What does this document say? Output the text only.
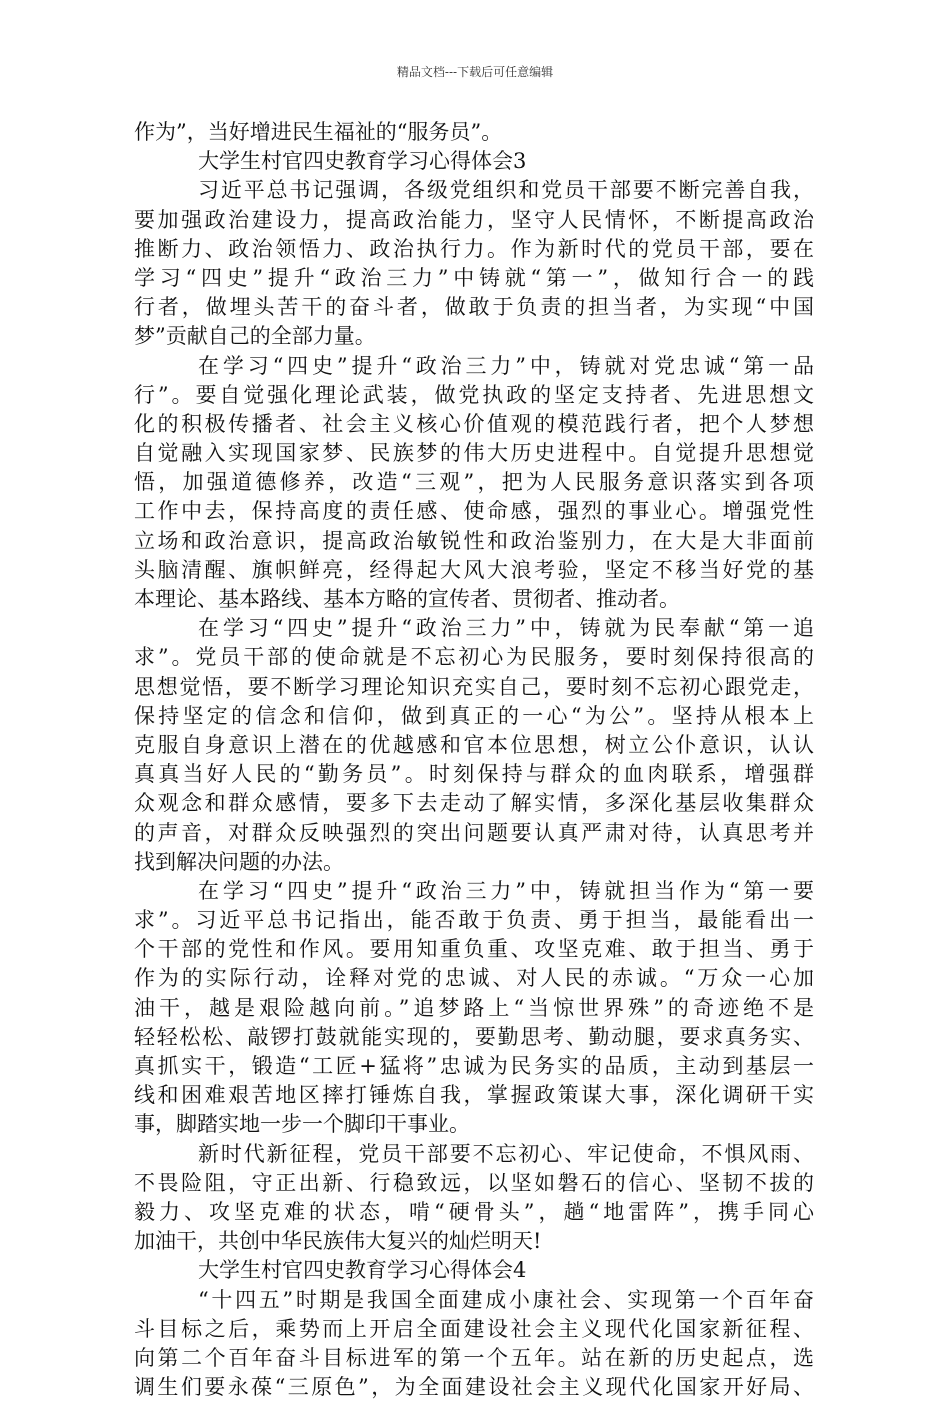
精品文档---下载后可任意编辑
作为”，当好增进民生福祉的“服务员”。
大学生村官四史教育学习心得体会3
习近平总书记强调，各级党组织和党员干部要不断完善自我，
要加强政治建设力，提高政治能力，坚守人民情怀，不断提高政治
推断力、政治领悟力、政治执行力。作为新时代的党员干部，要在
学习“四史”提升“政治三力”中铸就“第一”，做知行合一的践
行者，做埋头苦干的奋斗者，做敢于负责的担当者，为实现“中国
梦”贡献自己的全部力量。
在学习“四史”提升“政治三力”中，铸就对党忠诚“第一品
行”。要自觉强化理论武装，做党执政的坚定支持者、先进思想文
化的积极传播者、社会主义核心价值观的模范践行者，把个人梦想
自觉融入实现国家梦、民族梦的伟大历史进程中。自觉提升思想觉
悟，加强道德修养，改造“三观”，把为人民服务意识落实到各项
工作中去，保持高度的责任感、使命感，强烈的事业心。增强党性
立场和政治意识，提高政治敏锐性和政治鉴别力，在大是大非面前
头脑清醒、旗帜鲜亮，经得起大风大浪考验，坚定不移当好党的基
本理论、基本路线、基本方略的宣传者、贯彻者、推动者。
在学习“四史”提升“政治三力”中，铸就为民奉献“第一追
求”。党员干部的使命就是不忘初心为民服务，要时刻保持很高的
思想觉悟，要不断学习理论知识充实自己，要时刻不忘初心跟党走，
保持坚定的信念和信仰，做到真正的一心“为公”。坚持从根本上
克服自身意识上潜在的优越感和官本位思想，树立公仆意识，认认
真真当好人民的“勤务员”。时刻保持与群众的血肉联系，增强群
众观念和群众感情，要多下去走动了解实情，多深化基层收集群众
的声音，对群众反映强烈的突出问题要认真严肃对待，认真思考并
找到解决问题的办法。
在学习“四史”提升“政治三力”中，铸就担当作为“第一要
求”。习近平总书记指出，能否敢于负责、勇于担当，最能看出一
个干部的党性和作风。要用知重负重、攻坚克难、敢于担当、勇于
作为的实际行动，诠释对党的忠诚、对人民的赤诚。“万众一心加
油干，越是艰险越向前。”追梦路上“当惊世界殊”的奇迹绝不是
轻轻松松、敲锣打鼓就能实现的，要勤思考、勤动腿，要求真务实、
真抓实干，锻造“工匠+猛将”忠诚为民务实的品质，主动到基层一
线和困难艰苦地区摔打锤炼自我，掌握政策谋大事，深化调研干实
事，脚踏实地一步一个脚印干事业。
新时代新征程，党员干部要不忘初心、牢记使命，不惧风雨、
不畏险阻，守正出新、行稳致远，以坚如磐石的信心、坚韧不拔的
毅力、攻坚克难的状态，啃“硬骨头”，趟“地雷阵”，携手同心
加油干，共创中华民族伟大复兴的灿烂明天!
大学生村官四史教育学习心得体会4
“十四五”时期是我国全面建成小康社会、实现第一个百年奋
斗目标之后，乘势而上开启全面建设社会主义现代化国家新征程、
向第二个百年奋斗目标进军的第一个五年。站在新的历史起点，选
调生们要永葆“三原色”，为全面建设社会主义现代化国家开好局、
